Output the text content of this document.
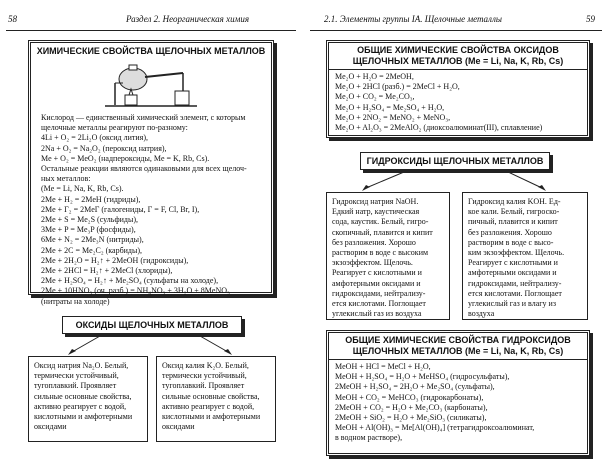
58	Раздел 2. Неорганическая химия
ХИМИЧЕСКИЕ СВОЙСТВА ЩЕЛОЧНЫХ МЕТАЛЛОВ
Кислород — единственный химический элемент, с которым
щелочные металлы реагируют по-разному:
4Li + O₂ = 2Li₂O (оксид лития),
2Na + O₂ = Na₂O₂ (пероксид натрия),
Me + O₂ = MeO₂ (надпероксиды, Me = K, Rb, Cs).
Остальные реакции являются одинаковыми для всех щелоч-
ных металлов:
(Me = Li, Na, K, Rb, Cs).
2Me + H₂ = 2MeH (гидриды),
2Me + Г₂ = 2MeГ (галогениды, Г = F, Cl, Br, I),
2Me + S = Me₂S (сульфиды),
3Me + P = Me₃P (фосфиды),
6Me + N₂ = 2Me₃N (нитриды),
2Me + 2C = Me₂C₂ (карбиды),
2Me + 2H₂O = H₂↑ + 2MeOH (гидроксиды),
2Me + 2HCl = H₂↑ + 2MeCl (хлориды),
2Me + H₂SO₄ = H₂↑ + Me₂SO₄ (сульфаты на холоде),
2Me + 10HNO₃ (оч. разб.) = NH₄NO₃ + 3H₂O + 8MeNO₃
(нитраты на холоде)
ОКСИДЫ ЩЕЛОЧНЫХ МЕТАЛЛОВ
Оксид натрия Na₂O. Белый,
термически устойчивый,
тугоплавкий. Проявляет
сильные основные свойства,
активно реагирует с водой,
кислотными и амфотерными
оксидами
Оксид калия K₂O. Белый,
термически устойчивый,
тугоплавкий. Проявляет
сильные основные свойства,
активно реагирует с водой,
кислотными и амфотерными
оксидами
2.1. Элементы группы IA. Щелочные металлы	59
ОБЩИЕ ХИМИЧЕСКИЕ СВОЙСТВА ОКСИДОВ
ЩЕЛОЧНЫХ МЕТАЛЛОВ (Me = Li, Na, K, Rb, Cs)
Me₂O + H₂O = 2MeOH,
Me₂O + 2HCl (разб.) = 2MeCl + H₂O,
Me₂O + CO₂ = Me₂CO₃,
Me₂O + H₂SO₄ = Me₂SO₄ + H₂O,
Me₂O + 2NO₂ = MeNO₂ + MeNO₃,
Me₂O + Al₂O₃ = 2MeAlO₂ (диоксоалюминат(III), сплавление)
ГИДРОКСИДЫ ЩЕЛОЧНЫХ МЕТАЛЛОВ
Гидроксид натрия NaOH.
Едкий натр, каустическая
сода, каустик. Белый, гигро-
скопичный, плавится и кипит
без разложения. Хорошо
растворим в воде с высоким
экзоэффектом. Щелочь.
Реагирует с кислотными и
амфотерными оксидами и
гидроксидами, нейтрализу-
ется кислотами. Поглощает
углекислый газ из воздуха
Гидроксид калия KOH. Ед-
кое кали. Белый, гигроско-
пичный, плавится и кипит
без разложения. Хорошо
растворим в воде с высо-
ким экзоэффектом. Щелочь.
Реагирует с кислотными и
амфотерными оксидами и
гидроксидами, нейтрализу-
ется кислотами. Поглощает
углекислый газ и влагу из
воздуха
ОБЩИЕ ХИМИЧЕСКИЕ СВОЙСТВА ГИДРОКСИДОВ
ЩЕЛОЧНЫХ МЕТАЛЛОВ (Me = Li, Na, K, Rb, Cs)
MeOH + HCl = MeCl + H₂O,
MeOH + H₂SO₄ = H₂O + MeHSO₄ (гидросульфаты),
2MeOH + H₂SO₄ = 2H₂O + Me₂SO₄ (сульфаты),
MeOH + CO₂ = MeHCO₃ (гидрокарбонаты),
2MeOH + CO₂ = H₂O + Me₂CO₃ (карбонаты),
2MeOH + SiO₂ = H₂O + Me₂SiO₃ (силикаты),
MeOH + Al(OH)₃ = Me[Al(OH)₄] (тетрагидроксоалюминат,
в водном растворе),
